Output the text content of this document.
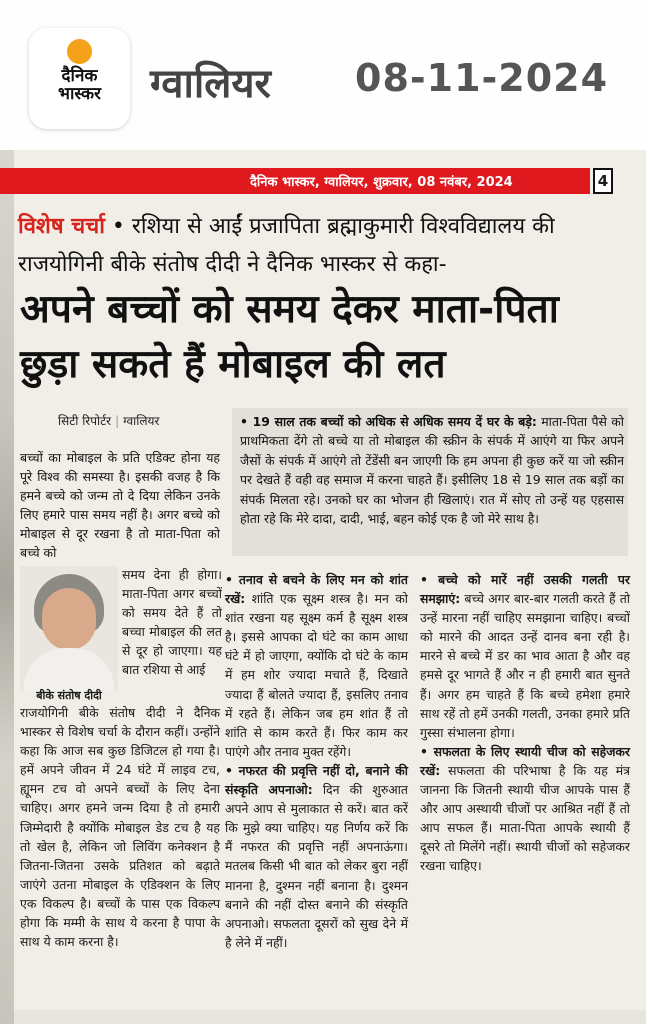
दैनिक
भास्कर	ग्वालियर 08-11-2024
दैनिक भास्कर, ग्वालियर, शुक्रवार, 08 नवंबर, 2024	4
विशेष चर्चा • रशिया से आईं प्रजापिता ब्रह्माकुमारी विश्वविद्यालय की राजयोगिनी बीके संतोष दीदी ने दैनिक भास्कर से कहा-
अपने बच्चों को समय देकर माता-पिता छुड़ा सकते हैं मोबाइल की लत
सिटी रिपोर्टर | ग्वालियर	• 19 साल तक बच्चों को अधिक से अधिक समय दें घर के बड़े: माता-पिता पैसे को प्राथमिकता देंगे तो बच्चे या तो मोबाइल की स्क्रीन के संपर्क में आएंगे या फिर अपने जैसों के संपर्क में आएंगे तो टेंडेंसी बन जाएगी कि हम अपना ही कुछ करें या जो स्क्रीन पर देखते हैं वही वह समाज में करना चाहते हैं। इसीलिए 18 से 19 साल तक बड़ों का संपर्क मिलता रहे। उनको घर का भोजन ही खिलाएं। रात में सोए तो उन्हें यह एहसास होता रहे कि मेरे दादा, दादी, भाई, बहन कोई एक है जो मेरे साथ है।
बच्चों का मोबाइल के प्रति एडिक्ट होना यह पूरे विश्व की समस्या है। इसकी वजह है कि हमने बच्चे को जन्म तो दे दिया लेकिन उनके लिए हमारे पास समय नहीं है। अगर बच्चे को मोबाइल से दूर रखना है तो माता-पिता को बच्चे को
बीके संतोष दीदी
समय देना ही होगा। माता-पिता अगर बच्चों को समय देते हैं तो बच्चा मोबाइल की लत से दूर हो जाएगा। यह बात रशिया से आई
राजयोगिनी बीके संतोष दीदी ने दैनिक भास्कर से विशेष चर्चा के दौरान कहीं। उन्होंने कहा कि आज सब कुछ डिजिटल हो गया है। हमें अपने जीवन में 24 घंटे में लाइव टच, ह्यूमन टच वो अपने बच्चों के लिए देना चाहिए। अगर हमने जन्म दिया है तो हमारी जिम्मेदारी है क्योंकि मोबाइल डेड टच है यह तो खेल है, लेकिन जो लिविंग कनेक्शन है जितना-जितना उसके प्रतिशत को बढ़ाते जाएंगे उतना मोबाइल के एडिक्शन के लिए एक विकल्प है। बच्चों के पास एक विकल्प होगा कि मम्मी के साथ ये करना है पापा के साथ ये काम करना है।
• तनाव से बचने के लिए मन को शांत रखें: शांति एक सूक्ष्म शस्त्र है। मन को शांत रखना यह सूक्ष्म कर्म है सूक्ष्म शस्त्र है। इससे आपका दो घंटे का काम आधा घंटे में हो जाएगा, क्योंकि दो घंटे के काम में हम शोर ज्यादा मचाते हैं, दिखाते ज्यादा हैं बोलते ज्यादा हैं, इसलिए तनाव में रहते हैं। लेकिन जब हम शांत हैं तो शांति से काम करते हैं। फिर काम कर पाएंगे और तनाव मुक्त रहेंगे।
• नफरत की प्रवृत्ति नहीं दो, बनाने की संस्कृति अपनाओ: दिन की शुरुआत अपने आप से मुलाकात से करें। बात करें कि मुझे क्या चाहिए। यह निर्णय करें कि मैं नफरत की प्रवृत्ति नहीं अपनाऊंगा। मतलब किसी भी बात को लेकर बुरा नहीं मानना है, दुश्मन नहीं बनाना है। दुश्मन बनाने की नहीं दोस्त बनाने की संस्कृति अपनाओ। सफलता दूसरों को सुख देने में है लेने में नहीं।
• बच्चे को मारें नहीं उसकी गलती पर समझाएं: बच्चे अगर बार-बार गलती करते हैं तो उन्हें मारना नहीं चाहिए समझाना चाहिए। बच्चों को मारने की आदत उन्हें दानव बना रही है। मारने से बच्चे में डर का भाव आता है और वह हमसे दूर भागते हैं और न ही हमारी बात सुनते हैं। अगर हम चाहते हैं कि बच्चे हमेशा हमारे साथ रहें तो हमें उनकी गलती, उनका हमारे प्रति गुस्सा संभालना होगा।
• सफलता के लिए स्थायी चीज को सहेजकर रखें: सफलता की परिभाषा है कि यह मंत्र जानना कि जितनी स्थायी चीज आपके पास हैं और आप अस्थायी चीजों पर आश्रित नहीं हैं तो आप सफल हैं। माता-पिता आपके स्थायी हैं दूसरे तो मिलेंगे नहीं। स्थायी चीजों को सहेजकर रखना चाहिए।
